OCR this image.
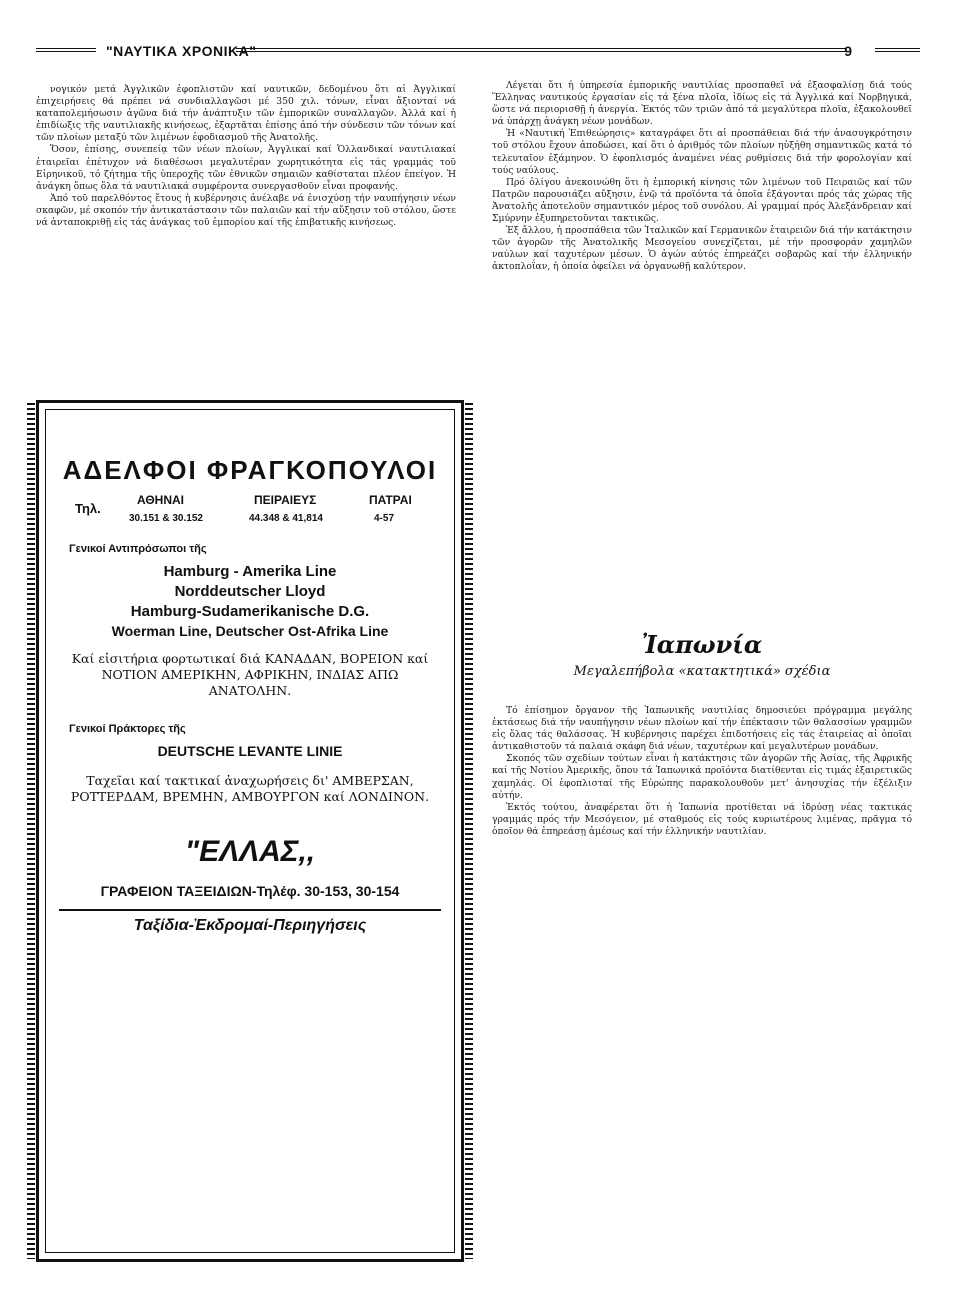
"ΝΑΥΤΙΚΑ ΧΡΟΝΙΚΑ"	9

νογικόν μετά Ἀγγλικῶν ἐφοπλιστῶν καί ναυτικῶν, δεδομένου ὅτι αἱ Ἀγγλικαί ἐπιχειρήσεις θά πρέπει νά συνδιαλλαγῶσι μέ 350 χιλ. τόνων, εἶναι ἄξιονταί νά καταπολεμήσωσιν ἀγῶνα διά τήν ἀνάπτυξιν τῶν ἐμπορικῶν συναλλαγῶν. Ἀλλά καί ἡ ἐπιδίωξις τῆς ναυτιλιακῆς κινήσεως, ἐξαρτᾶται ἐπίσης ἀπό τήν σύνδεσιν τῶν τόνων καί τῶν πλοίων μεταξύ τῶν λιμένων ἐφοδιασμοῦ τῆς Ἀνατολῆς.

Ὅσον, ἐπίσης, συνεπείᾳ τῶν νέων πλοίων, Ἀγγλικαί καί Ὁλλανδικαί ναυτιλιακαί ἑταιρεῖαι ἐπέτυχον νά διαθέσωσι μεγαλυτέραν χωρητικότητα εἰς τάς γραμμάς τοῦ Εἰρηνικοῦ, τό ζήτημα τῆς ὑπεροχῆς τῶν ἐθνικῶν σημαιῶν καθίσταται πλέον ἐπείγον. Ἡ ἀνάγκη ὅπως ὅλα τά ναυτιλιακά συμφέροντα συνεργασθοῦν εἶναι προφανής.

Ἀπό τοῦ παρελθόντος ἔτους ἡ κυβέρνησις ἀνέλαβε νά ἐνισχύσῃ τήν ναυπήγησιν νέων σκαφῶν, μέ σκοπόν τήν ἀντικατάστασιν τῶν παλαιῶν καί τήν αὔξησιν τοῦ στόλου, ὥστε νά ἀνταποκριθῇ εἰς τάς ἀνάγκας τοῦ ἐμπορίου καί τῆς ἐπιβατικῆς κινήσεως.

ΑΔΕΛΦΟΙ ΦΡΑΓΚΟΠΟΥΛΟΙ
Τηλ.
ΑΘΗΝΑΙ	ΠΕΙΡΑΙΕΥΣ	ΠΑΤΡΑΙ
30.151 & 30.152	44.348 & 41,814	4-57
Γενικοί Αντιπρόσωποι τῆς
Hamburg - Amerika Line
Norddeutscher Lloyd
Hamburg-Sudamerikanische D.G.
Woerman Line, Deutscher Ost-Afrika Line
Καί εἰσιτήρια φορτωτικαί διά ΚΑΝΑΔΑΝ, ΒΟΡΕΙΟΝ καί ΝΟΤΙΟΝ ΑΜΕΡΙΚΗΝ, ΑΦΡΙΚΗΝ, ΙΝΔΙΑΣ ΑΠΩ ΑΝΑΤΟΛΗΝ.
Γενικοί Πράκτορες τῆς
DEUTSCHE LEVANTE LINIE
Ταχεῖαι καί τακτικαί ἀναχωρήσεις δι' ΑΜΒΕΡΣΑΝ, ΡΟΤΤΕΡΔΑΜ, ΒΡΕΜΗΝ, ΑΜΒΟΥΡΓΟΝ καί ΛΟΝΔΙΝΟΝ.
"ΕΛΛΑΣ,,
ΓΡΑΦΕΙΟΝ ΤΑΞΕΙΔΙΩΝ-Τηλέφ. 30-153, 30-154
Ταξίδια-Ἐκδρομαί-Περιηγήσεις

Λέγεται ὅτι ἡ ὑπηρεσία ἐμπορικῆς ναυτιλίας προσπαθεῖ νά ἐξασφαλίσῃ διά τούς Ἕλληνας ναυτικούς ἐργασίαν εἰς τά ξένα πλοῖα, ἰδίως εἰς τά Ἀγγλικά καί Νορβηγικά, ὥστε νά περιορισθῇ ἡ ἀνεργία. Ἐκτός τῶν τριῶν ἀπό τά μεγαλύτερα πλοῖα, ἐξακολουθεῖ νά ὑπάρχῃ ἀνάγκη νέων μονάδων.

Ἡ «Ναυτική Ἐπιθεώρησις» καταγράφει ὅτι αἱ προσπάθειαι διά τήν ἀνασυγκρότησιν τοῦ στόλου ἔχουν ἀποδώσει, καί ὅτι ὁ ἀριθμός τῶν πλοίων ηὐξήθη σημαντικῶς κατά τό τελευταῖον ἑξάμηνον. Ὁ ἐφοπλισμός ἀναμένει νέας ρυθμίσεις διά τήν φορολογίαν καί τούς ναύλους.

Πρό ὀλίγου ἀνεκοινώθη ὅτι ἡ ἐμπορική κίνησις τῶν λιμένων τοῦ Πειραιῶς καί τῶν Πατρῶν παρουσιάζει αὔξησιν, ἐνῷ τά προϊόντα τά ὁποῖα ἐξάγονται πρός τάς χώρας τῆς Ἀνατολῆς ἀποτελοῦν σημαντικόν μέρος τοῦ συνόλου. Αἱ γραμμαί πρός Ἀλεξάνδρειαν καί Σμύρνην ἐξυπηρετοῦνται τακτικῶς.

Ἐξ ἄλλου, ἡ προσπάθεια τῶν Ἰταλικῶν καί Γερμανικῶν ἑταιρειῶν διά τήν κατάκτησιν τῶν ἀγορῶν τῆς Ἀνατολικῆς Μεσογείου συνεχίζεται, μέ τήν προσφοράν χαμηλῶν ναύλων καί ταχυτέρων μέσων. Ὁ ἀγών αὐτός ἐπηρεάζει σοβαρῶς καί τήν ἑλληνικήν ἀκτοπλοΐαν, ἡ ὁποία ὀφείλει νά ὀργανωθῇ καλύτερον.

Ἰαπωνία
Μεγαλεπήβολα «κατακτητικά» σχέδια

Τό ἐπίσημον ὄργανον τῆς Ἰαπωνικῆς ναυτιλίας δημοσιεύει πρόγραμμα μεγάλης ἐκτάσεως διά τήν ναυπήγησιν νέων πλοίων καί τήν ἐπέκτασιν τῶν θαλασσίων γραμμῶν εἰς ὅλας τάς θαλάσσας. Ἡ κυβέρνησις παρέχει ἐπιδοτήσεις εἰς τάς ἑταιρείας αἱ ὁποῖαι ἀντικαθιστοῦν τά παλαιά σκάφη διά νέων, ταχυτέρων καί μεγαλυτέρων μονάδων.

Σκοπός τῶν σχεδίων τούτων εἶναι ἡ κατάκτησις τῶν ἀγορῶν τῆς Ἀσίας, τῆς Ἀφρικῆς καί τῆς Νοτίου Ἀμερικῆς, ὅπου τά Ἰαπωνικά προϊόντα διατίθενται εἰς τιμάς ἐξαιρετικῶς χαμηλάς. Οἱ ἐφοπλισταί τῆς Εὐρώπης παρακολουθοῦν μετ' ἀνησυχίας τήν ἐξέλιξιν αὐτήν.

Ἐκτός τούτου, ἀναφέρεται ὅτι ἡ Ἰαπωνία προτίθεται νά ἱδρύσῃ νέας τακτικάς γραμμάς πρός τήν Μεσόγειον, μέ σταθμούς εἰς τούς κυριωτέρους λιμένας, πρᾶγμα τό ὁποῖον θά ἐπηρεάσῃ ἀμέσως καί τήν ἑλληνικήν ναυτιλίαν.
